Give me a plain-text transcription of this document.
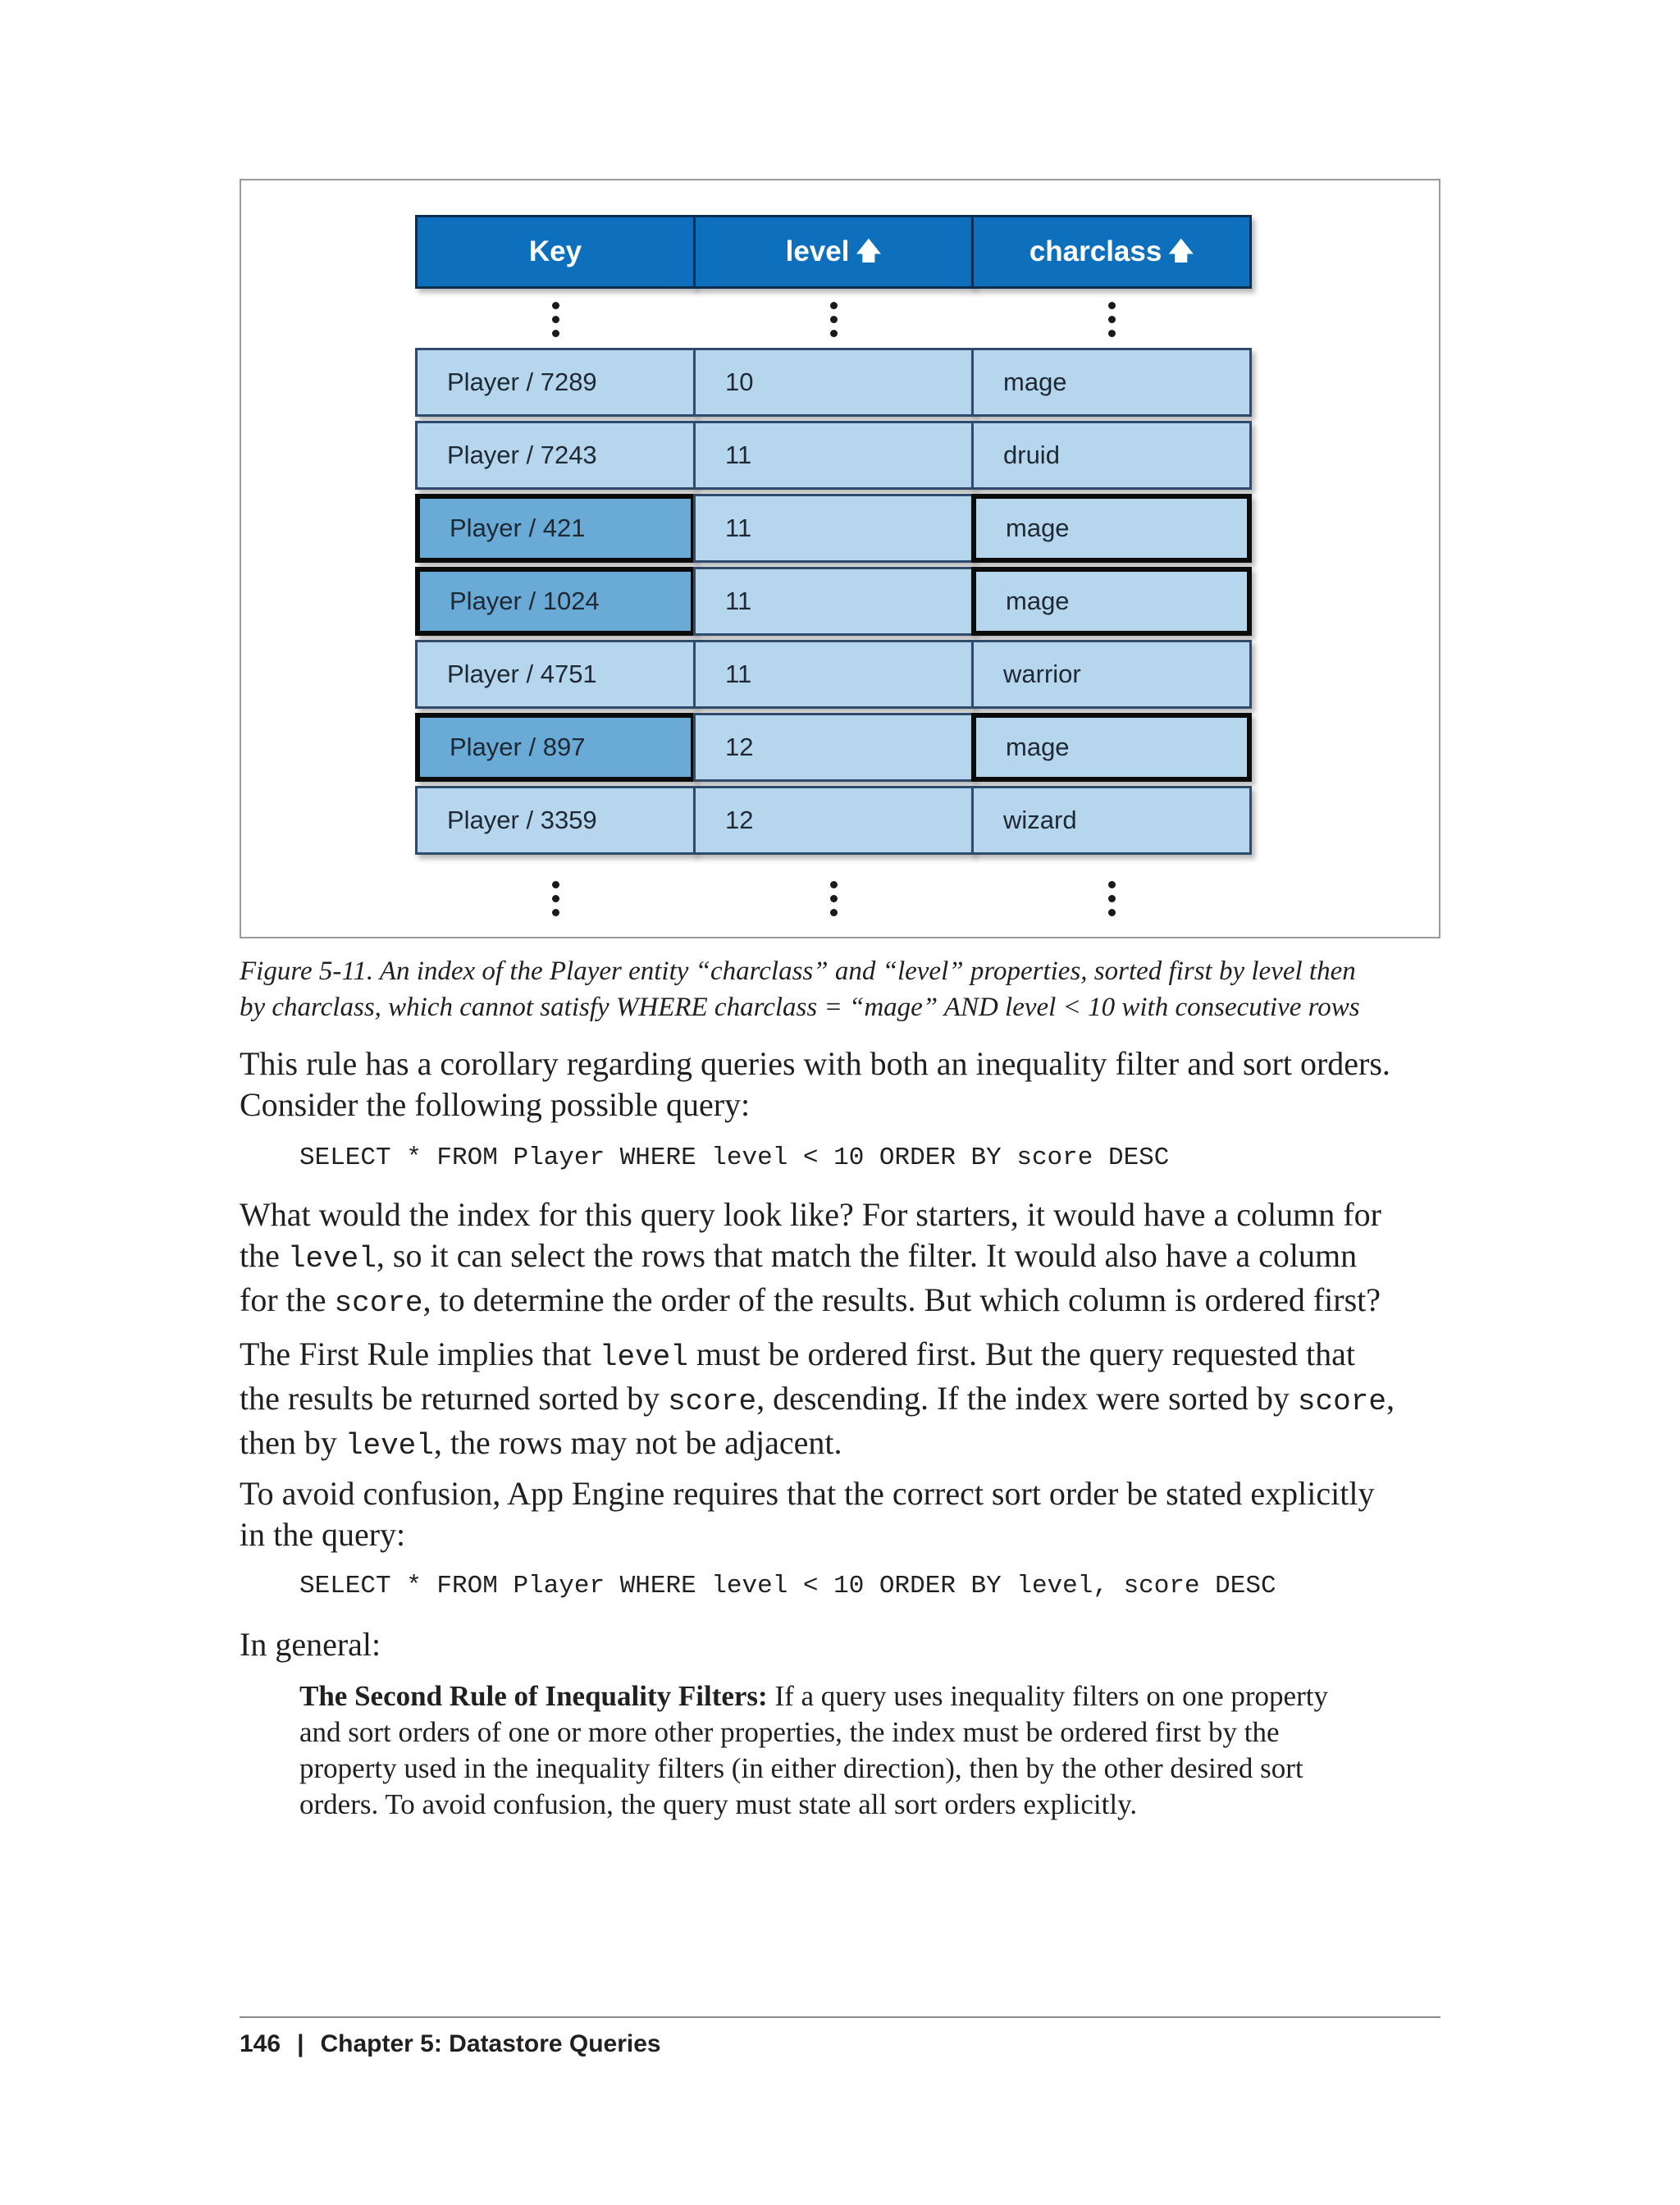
Key	level 🡅	charclass 🡅
Player / 7289	10	mage
Player / 7243	11	druid
Player / 421	11	mage
Player / 1024	11	mage
Player / 4751	11	warrior
Player / 897	12	mage
Player / 3359	12	wizard

Figure 5-11. An index of the Player entity “charclass” and “level” properties, sorted first by level then
by charclass, which cannot satisfy WHERE charclass = “mage” AND level < 10 with consecutive rows

This rule has a corollary regarding queries with both an inequality filter and sort orders.
Consider the following possible query:

SELECT * FROM Player WHERE level < 10 ORDER BY score DESC

What would the index for this query look like? For starters, it would have a column for
the level, so it can select the rows that match the filter. It would also have a column
for the score, to determine the order of the results. But which column is ordered first?

The First Rule implies that level must be ordered first. But the query requested that
the results be returned sorted by score, descending. If the index were sorted by score,
then by level, the rows may not be adjacent.

To avoid confusion, App Engine requires that the correct sort order be stated explicitly
in the query:

SELECT * FROM Player WHERE level < 10 ORDER BY level, score DESC

In general:

The Second Rule of Inequality Filters: If a query uses inequality filters on one property
and sort orders of one or more other properties, the index must be ordered first by the
property used in the inequality filters (in either direction), then by the other desired sort
orders. To avoid confusion, the query must state all sort orders explicitly.

146 | Chapter 5: Datastore Queries
